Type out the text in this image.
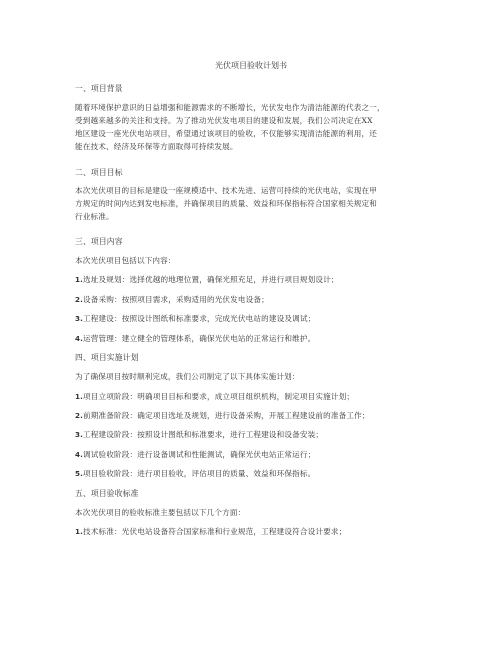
光伏项目验收计划书
一、项目背景
随着环境保护意识的日益增强和能源需求的不断增长，光伏发电作为清洁能源的代表之一，
受到越来越多的关注和支持。为了推动光伏发电项目的建设和发展，我们公司决定在XX
地区建设一座光伏电站项目，希望通过该项目的验收，不仅能够实现清洁能源的利用，还
能在技术、经济及环保等方面取得可持续发展。
二、项目目标
本次光伏项目的目标是建设一座规模适中、技术先进、运营可持续的光伏电站，实现在甲
方规定的时间内达到发电标准，并确保项目的质量、效益和环保指标符合国家相关规定和
行业标准。
三、项目内容
本次光伏项目包括以下内容：
1.选址及规划：选择优越的地理位置，确保光照充足，并进行项目规划设计；
2.设备采购：按照项目需求，采购适用的光伏发电设备；
3.工程建设：按照设计图纸和标准要求，完成光伏电站的建设及调试；
4.运营管理：建立健全的管理体系，确保光伏电站的正常运行和维护。
四、项目实施计划
为了确保项目按时顺利完成，我们公司制定了以下具体实施计划：
1.项目立项阶段：明确项目目标和要求，成立项目组织机构，制定项目实施计划；
2.前期准备阶段：确定项目选址及规划，进行设备采购，开展工程建设前的准备工作；
3.工程建设阶段：按照设计图纸和标准要求，进行工程建设和设备安装；
4.调试验收阶段：进行设备调试和性能测试，确保光伏电站正常运行；
5.项目验收阶段：进行项目验收，评估项目的质量、效益和环保指标。
五、项目验收标准
本次光伏项目的验收标准主要包括以下几个方面：
1.技术标准：光伏电站设备符合国家标准和行业规范，工程建设符合设计要求；
